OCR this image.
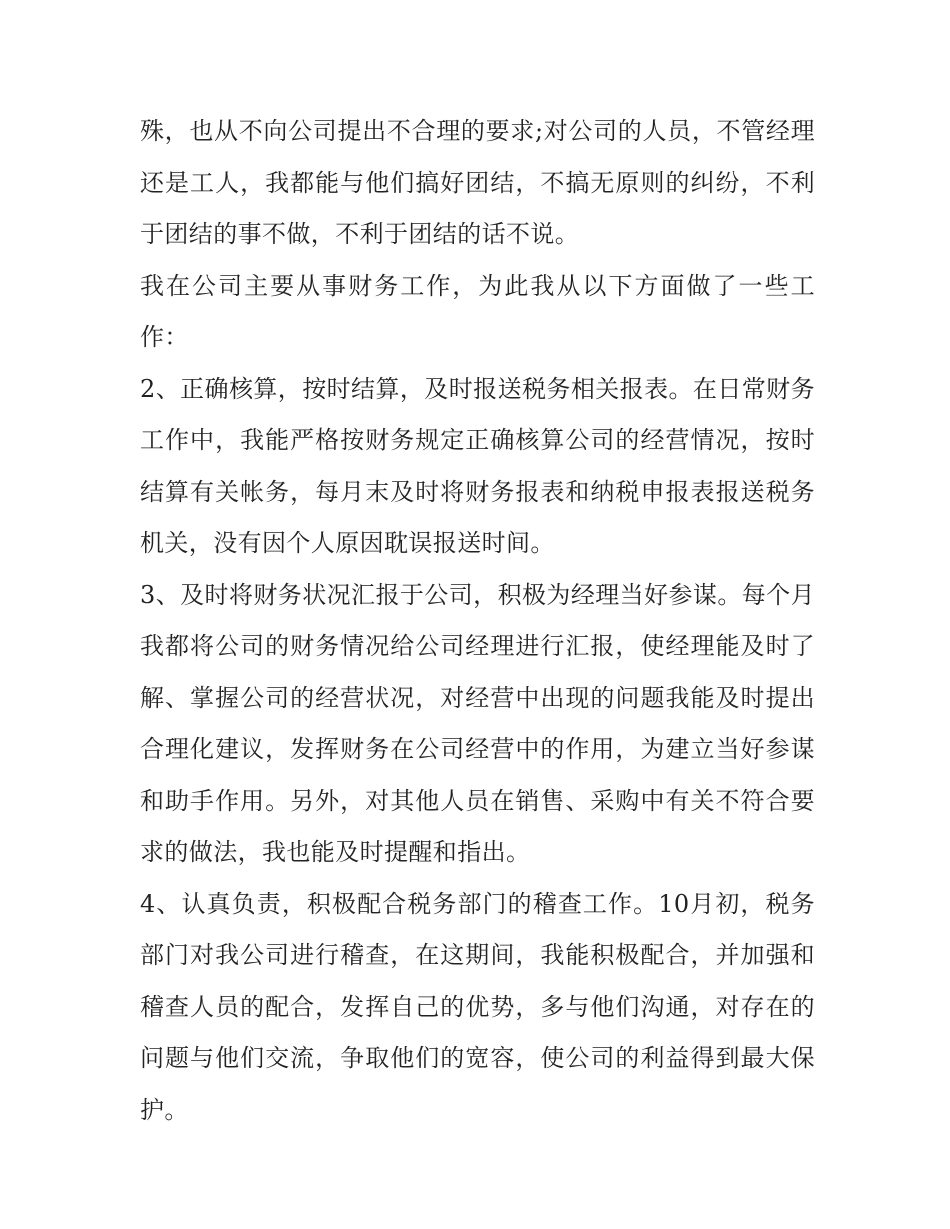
殊，也从不向公司提出不合理的要求;对公司的人员，不管经理还是工人，我都能与他们搞好团结，不搞无原则的纠纷，不利于团结的事不做，不利于团结的话不说。

我在公司主要从事财务工作，为此我从以下方面做了一些工作：

2、正确核算，按时结算，及时报送税务相关报表。在日常财务工作中，我能严格按财务规定正确核算公司的经营情况，按时结算有关帐务，每月末及时将财务报表和纳税申报表报送税务机关，没有因个人原因耽误报送时间。

3、及时将财务状况汇报于公司，积极为经理当好参谋。每个月我都将公司的财务情况给公司经理进行汇报，使经理能及时了解、掌握公司的经营状况，对经营中出现的问题我能及时提出合理化建议，发挥财务在公司经营中的作用，为建立当好参谋和助手作用。另外，对其他人员在销售、采购中有关不符合要求的做法，我也能及时提醒和指出。

4、认真负责，积极配合税务部门的稽查工作。10月初，税务部门对我公司进行稽查，在这期间，我能积极配合，并加强和稽查人员的配合，发挥自己的优势，多与他们沟通，对存在的问题与他们交流，争取他们的宽容，使公司的利益得到最大保护。
